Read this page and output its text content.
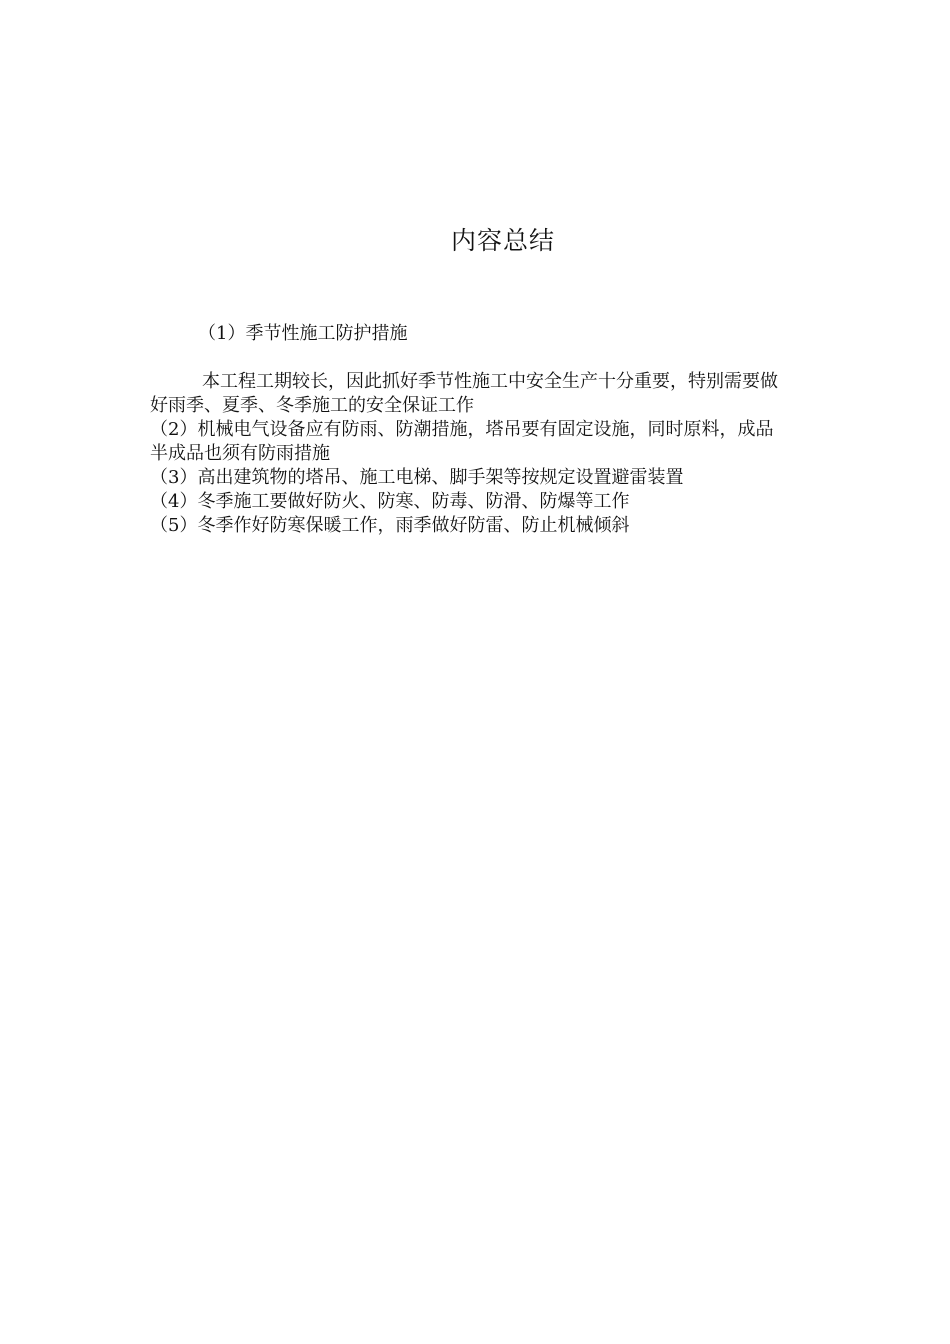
内容总结
（1）季节性施工防护措施

本工程工期较长，因此抓好季节性施工中安全生产十分重要，特别需要做好雨季、夏季、冬季施工的安全保证工作

（2）机械电气设备应有防雨、防潮措施，塔吊要有固定设施，同时原料，成品半成品也须有防雨措施

（3）高出建筑物的塔吊、施工电梯、脚手架等按规定设置避雷装置

（4）冬季施工要做好防火、防寒、防毒、防滑、防爆等工作

（5）冬季作好防寒保暖工作，雨季做好防雷、防止机械倾斜
